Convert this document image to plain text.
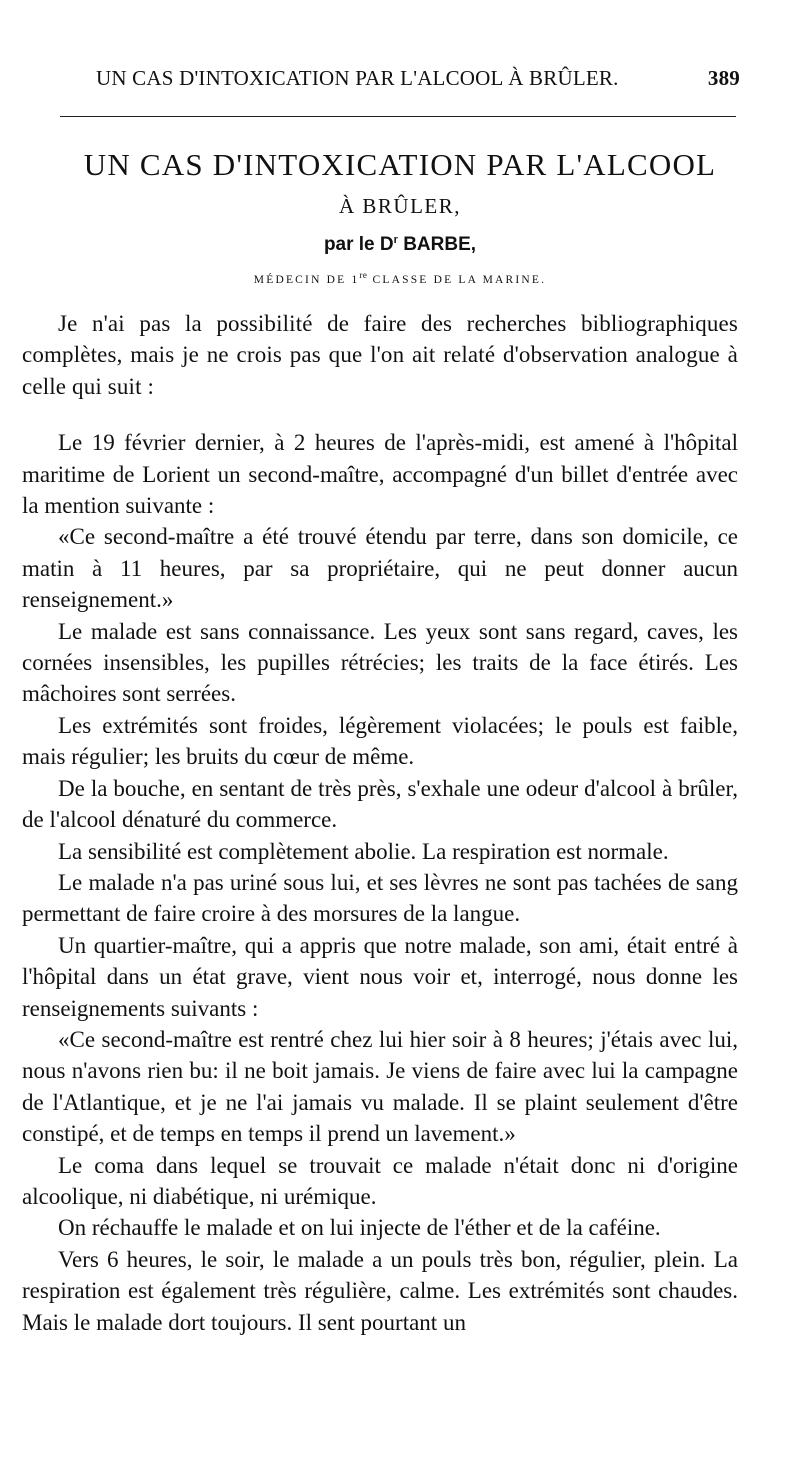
UN CAS D'INTOXICATION PAR L'ALCOOL À BRÛLER.	389
UN CAS D'INTOXICATION PAR L'ALCOOL
À BRÛLER,
par le $D^r$ BARBE,
MÉDECIN DE 1re CLASSE DE LA MARINE.

Je n'ai pas la possibilité de faire des recherches bibliographiques complètes, mais je ne crois pas que l'on ait relaté d'observation analogue à celle qui suit :

Le 19 février dernier, à 2 heures de l'après-midi, est amené à l'hôpital maritime de Lorient un second-maître, accompagné d'un billet d'entrée avec la mention suivante :

«Ce second-maître a été trouvé étendu par terre, dans son domicile, ce matin à 11 heures, par sa propriétaire, qui ne peut donner aucun renseignement.»

Le malade est sans connaissance. Les yeux sont sans regard, caves, les cornées insensibles, les pupilles rétrécies; les traits de la face étirés. Les mâchoires sont serrées.

Les extrémités sont froides, légèrement violacées; le pouls est faible, mais régulier; les bruits du cœur de même.

De la bouche, en sentant de très près, s'exhale une odeur d'alcool à brûler, de l'alcool dénaturé du commerce.

La sensibilité est complètement abolie. La respiration est normale.

Le malade n'a pas uriné sous lui, et ses lèvres ne sont pas tachées de sang permettant de faire croire à des morsures de la langue.

Un quartier-maître, qui a appris que notre malade, son ami, était entré à l'hôpital dans un état grave, vient nous voir et, interrogé, nous donne les renseignements suivants :

«Ce second-maître est rentré chez lui hier soir à 8 heures; j'étais avec lui, nous n'avons rien bu: il ne boit jamais. Je viens de faire avec lui la campagne de l'Atlantique, et je ne l'ai jamais vu malade. Il se plaint seulement d'être constipé, et de temps en temps il prend un lavement.»

Le coma dans lequel se trouvait ce malade n'était donc ni d'origine alcoolique, ni diabétique, ni urémique.

On réchauffe le malade et on lui injecte de l'éther et de la caféine.

Vers 6 heures, le soir, le malade a un pouls très bon, régulier, plein. La respiration est également très régulière, calme. Les extrémités sont chaudes. Mais le malade dort toujours. Il sent pourtant un
